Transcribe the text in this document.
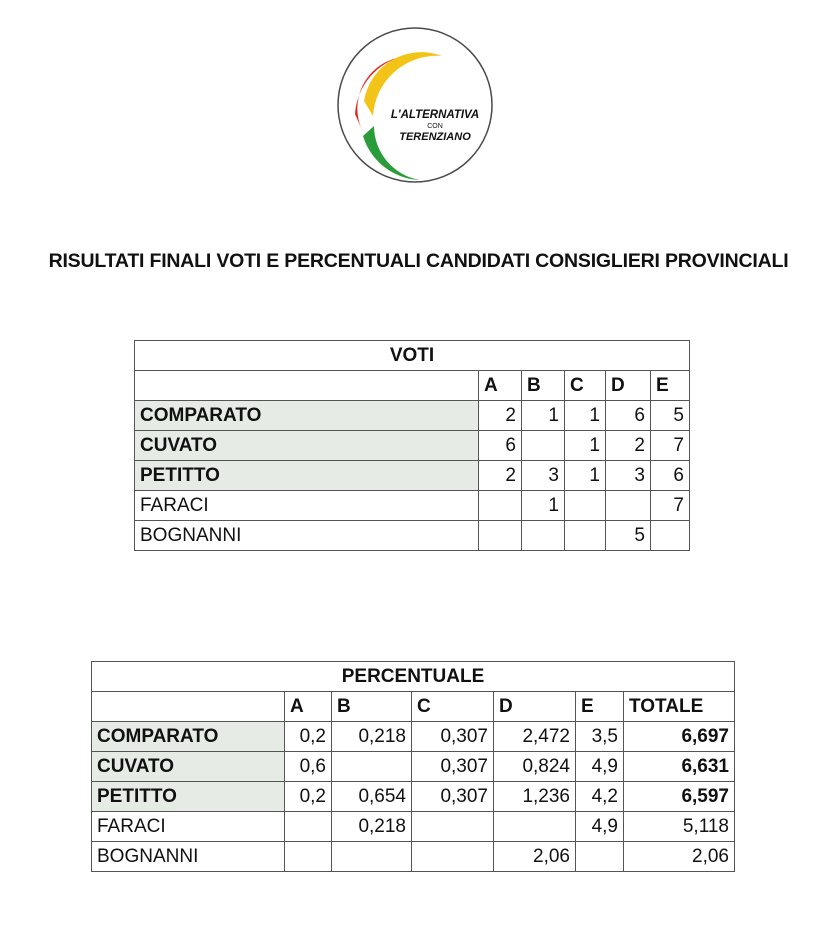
L'ALTERNATIVA
CON
TERENZIANO
RISULTATI FINALI VOTI E PERCENTUALI CANDIDATI CONSIGLIERI PROVINCIALI
VOTI					
	A	B	C	D	E
COMPARATO	2	1	1	6	5
CUVATO	6		1	2	7
PETITTO	2	3	1	3	6
FARACI		1			7
BOGNANNI				5	
PERCENTUALE						
	A	B	C	D	E	TOTALE
COMPARATO	0,2	0,218	0,307	2,472	3,5	6,697
CUVATO	0,6		0,307	0,824	4,9	6,631
PETITTO	0,2	0,654	0,307	1,236	4,2	6,597
FARACI		0,218			4,9	5,118
BOGNANNI				2,06		2,06
